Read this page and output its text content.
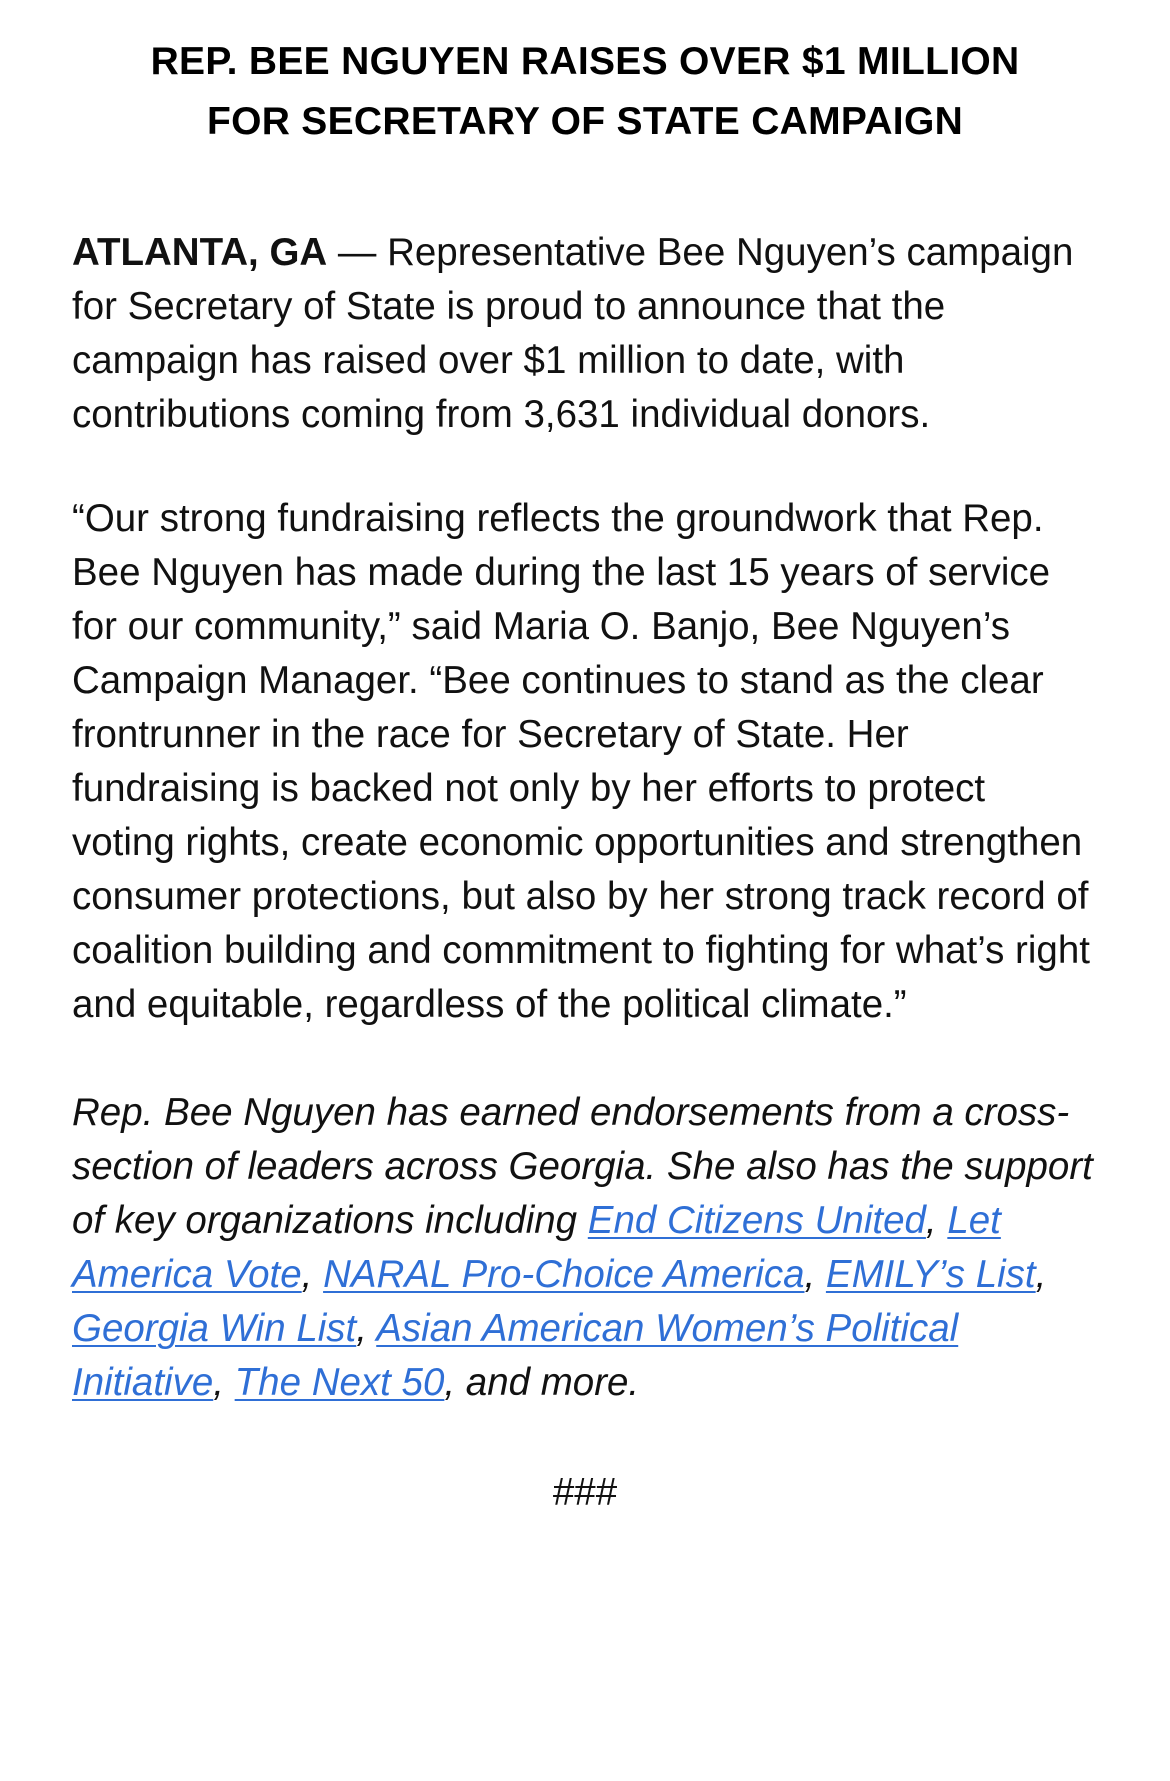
REP. BEE NGUYEN RAISES OVER $1 MILLION
FOR SECRETARY OF STATE CAMPAIGN

ATLANTA, GA — Representative Bee Nguyen’s campaign for Secretary of State is proud to announce that the campaign has raised over $1 million to date, with contributions coming from 3,631 individual donors.

“Our strong fundraising reflects the groundwork that Rep. Bee Nguyen has made during the last 15 years of service for our community,” said Maria O. Banjo, Bee Nguyen’s Campaign Manager. “Bee continues to stand as the clear frontrunner in the race for Secretary of State. Her fundraising is backed not only by her efforts to protect voting rights, create economic opportunities and strengthen consumer protections, but also by her strong track record of coalition building and commitment to fighting for what’s right and equitable, regardless of the political climate.”

Rep. Bee Nguyen has earned endorsements from a cross-section of leaders across Georgia. She also has the support of key organizations including End Citizens United, Let America Vote, NARAL Pro-Choice America, EMILY’s List, Georgia Win List, Asian American Women’s Political Initiative, The Next 50, and more.

###
